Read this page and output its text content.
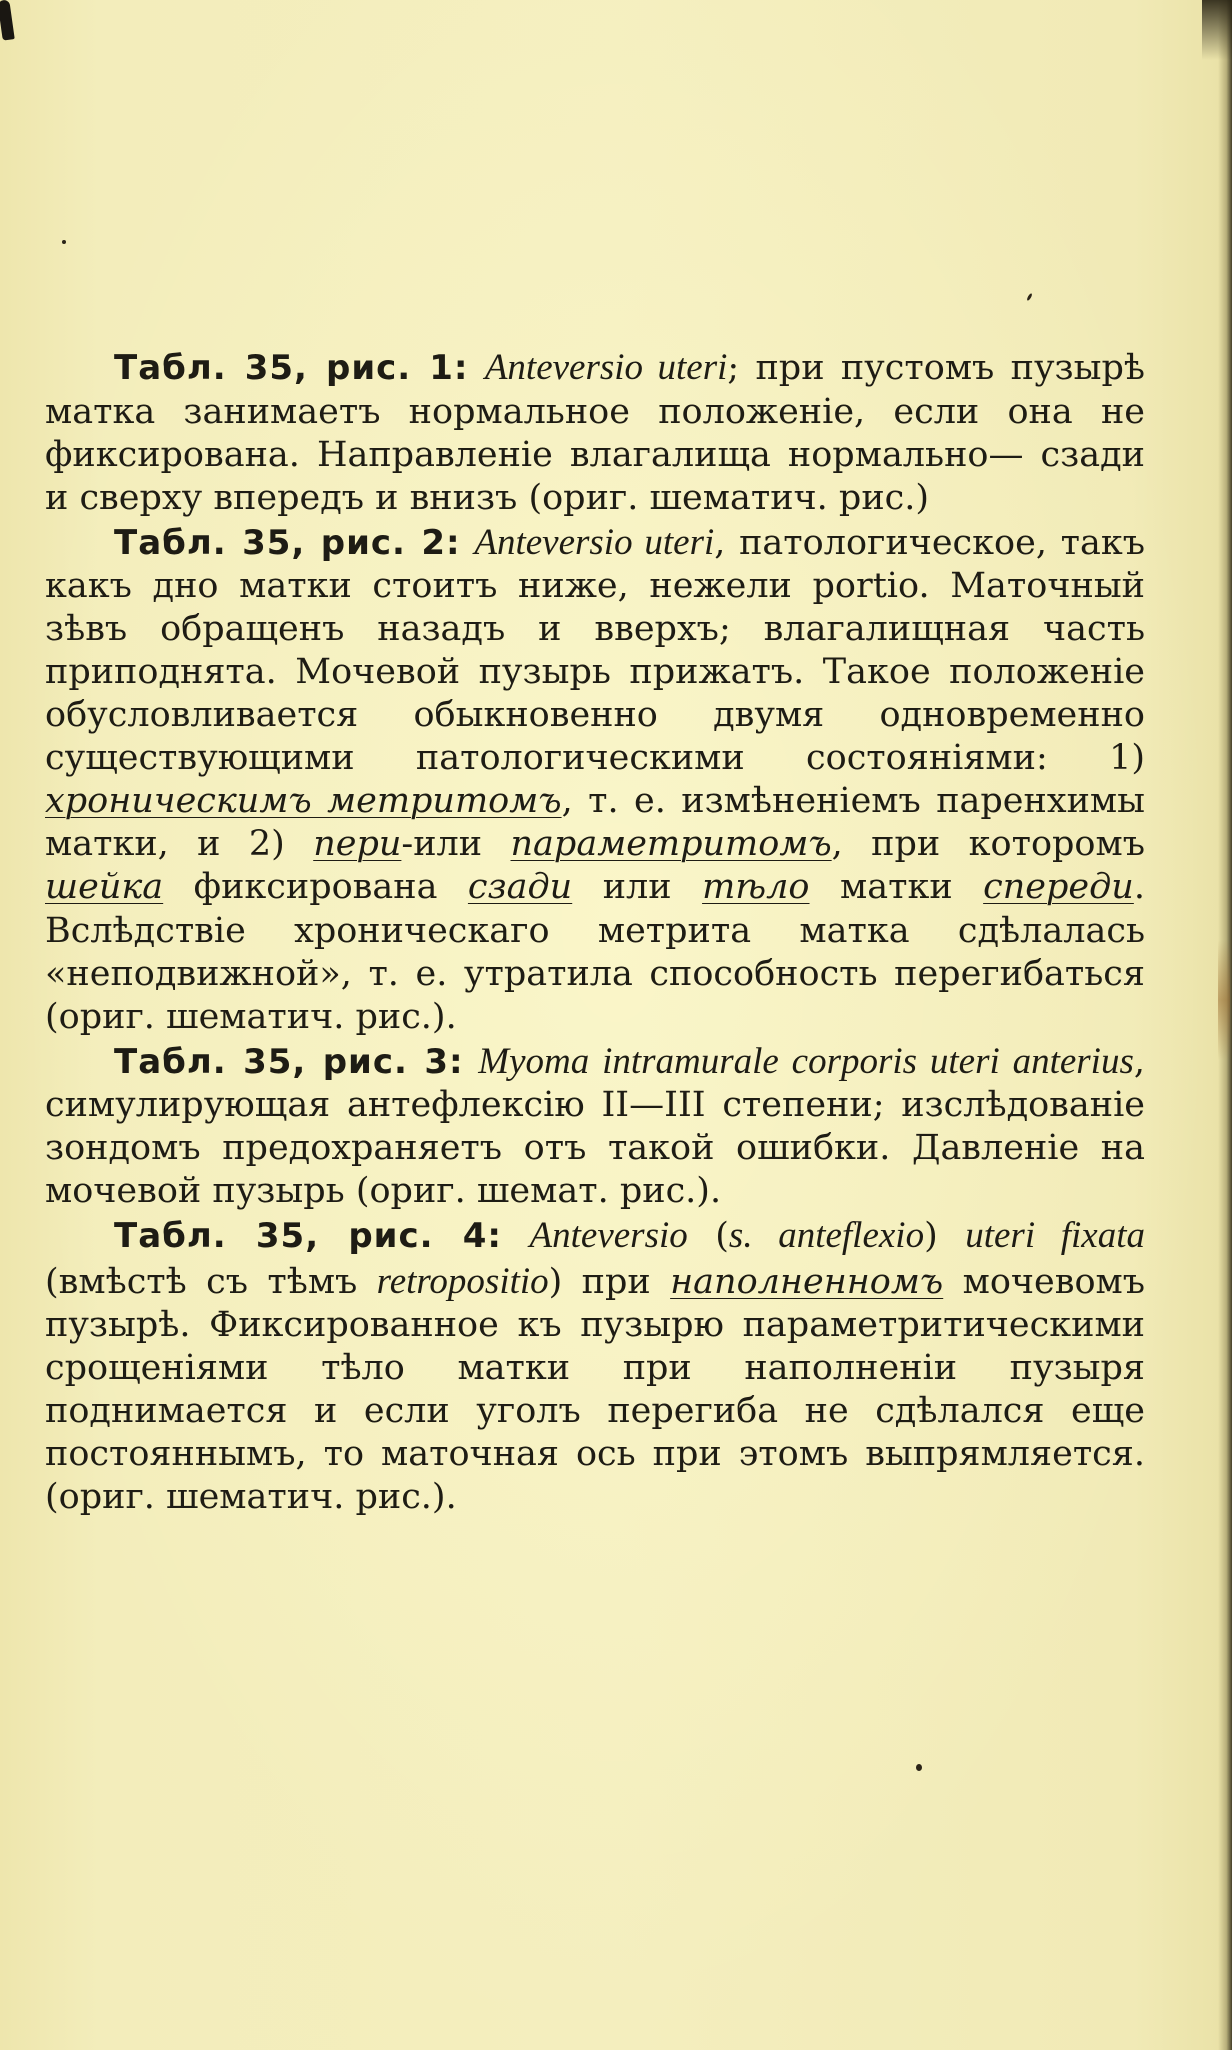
Табл. 35, рис. 1: Anteversio uteri; при пустомъ пузырѣ матка занимаетъ нормальное положеніе, если она не фиксирована. Направленіе влагалища нормально— сзади и сверху впередъ и внизъ (ориг. шематич. рис.)

Табл. 35, рис. 2: Anteversio uteri, патологическое, такъ какъ дно матки стоитъ ниже, нежели portio. Маточный зѣвъ обращенъ назадъ и вверхъ; влагалищная часть приподнята. Мочевой пузырь прижатъ. Такое положеніе обусловливается обыкновенно двумя одновременно существующими патологическими состояніями: 1) хроническимъ метритомъ, т. е. измѣненіемъ паренхимы матки, и 2) пери-или параметритомъ, при которомъ шейка фиксирована сзади или тѣло матки спереди. Вслѣдствіе хроническаго метрита матка сдѣлалась «неподвижной», т. е. утратила способность перегибаться (ориг. шематич. рис.).

Табл. 35, рис. 3: Myoma intramurale corporis uteri anterius, симулирующая антефлексію II—III степени; изслѣдованіе зондомъ предохраняетъ отъ такой ошибки. Давленіе на мочевой пузырь (ориг. шемат. рис.).

Табл. 35, рис. 4: Anteversio (s. anteflexio) uteri fixata (вмѣстѣ съ тѣмъ retropositio) при наполненномъ мочевомъ пузырѣ. Фиксированное къ пузырю параметритическими срощеніями тѣло матки при наполненіи пузыря поднимается и если уголъ перегиба не сдѣлался еще постояннымъ, то маточная ось при этомъ выпрямляется. (ориг. шематич. рис.).
